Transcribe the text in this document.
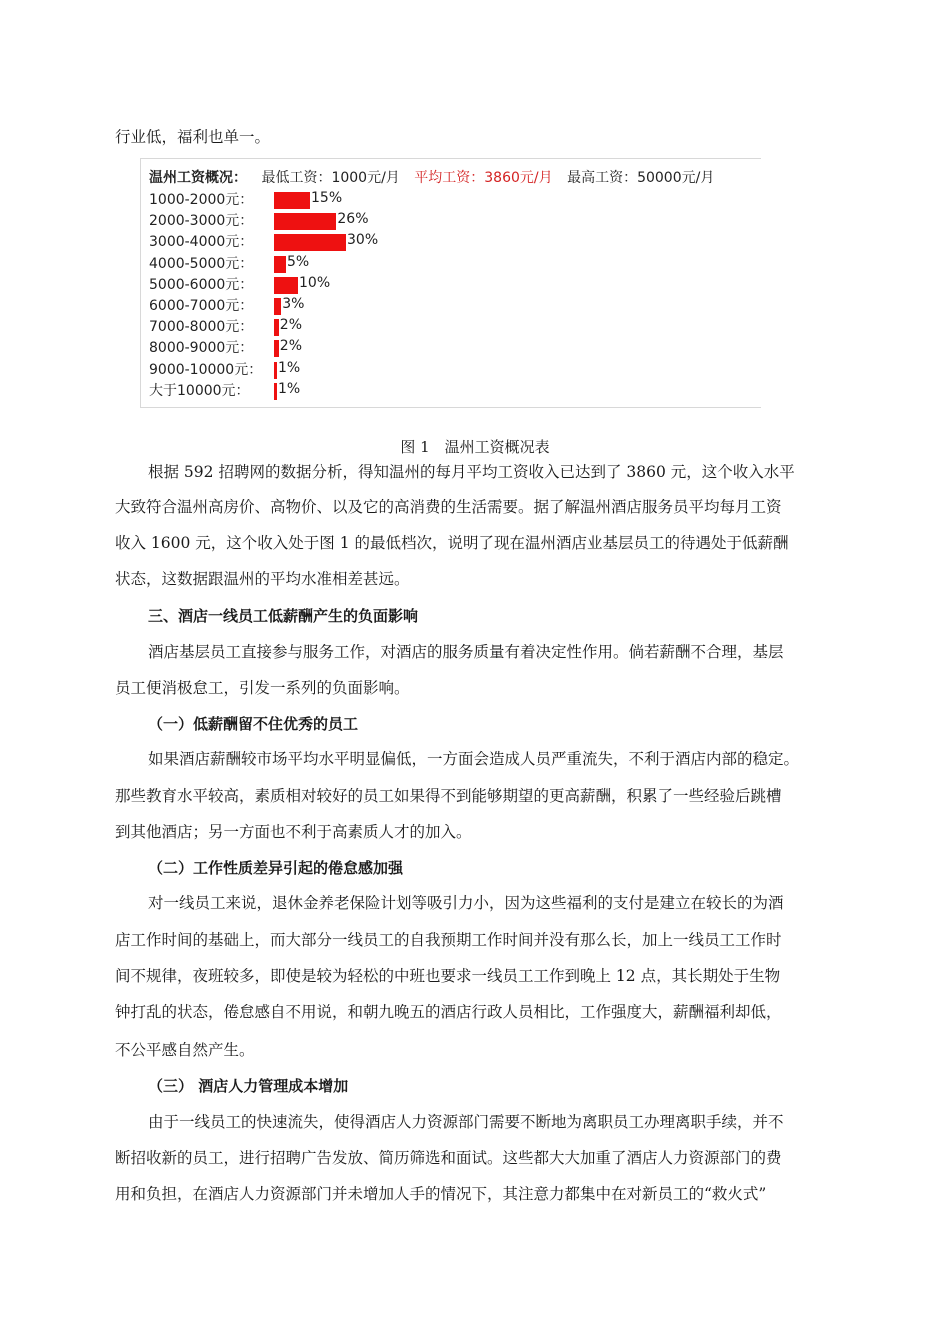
行业低，福利也单一。
温州工资概况： 最低工资：1000元/月 平均工资：3860元/月 最高工资：50000元/月
1000-2000元：	15%
2000-3000元：	26%
3000-4000元：	30%
4000-5000元： 5%
5000-6000元：	10%
6000-7000元： 3%
7000-8000元： 2%
8000-9000元： 2%
9000-10000元： 1%
大于10000元： 1%
图 1　温州工资概况表
根据 592 招聘网的数据分析，得知温州的每月平均工资收入已达到了 3860 元，这个收入水平
大致符合温州高房价、高物价、以及它的高消费的生活需要。据了解温州酒店服务员平均每月工资
收入 1600 元，这个收入处于图 1 的最低档次，说明了现在温州酒店业基层员工的待遇处于低薪酬
状态，这数据跟温州的平均水准相差甚远。
三、酒店一线员工低薪酬产生的负面影响
酒店基层员工直接参与服务工作，对酒店的服务质量有着决定性作用。倘若薪酬不合理，基层
员工便消极怠工，引发一系列的负面影响。
（一）低薪酬留不住优秀的员工
如果酒店薪酬较市场平均水平明显偏低，一方面会造成人员严重流失，不利于酒店内部的稳定。
那些教育水平较高，素质相对较好的员工如果得不到能够期望的更高薪酬，积累了一些经验后跳槽
到其他酒店；另一方面也不利于高素质人才的加入。
（二）工作性质差异引起的倦怠感加强
对一线员工来说，退休金养老保险计划等吸引力小，因为这些福利的支付是建立在较长的为酒
店工作时间的基础上，而大部分一线员工的自我预期工作时间并没有那么长，加上一线员工工作时
间不规律，夜班较多，即使是较为轻松的中班也要求一线员工工作到晚上 12 点，其长期处于生物
钟打乱的状态，倦怠感自不用说，和朝九晚五的酒店行政人员相比，工作强度大，薪酬福利却低，
不公平感自然产生。
（三） 酒店人力管理成本增加
由于一线员工的快速流失，使得酒店人力资源部门需要不断地为离职员工办理离职手续，并不
断招收新的员工，进行招聘广告发放、简历筛选和面试。这些都大大加重了酒店人力资源部门的费
用和负担，在酒店人力资源部门并未增加人手的情况下，其注意力都集中在对新员工的“救火式”
